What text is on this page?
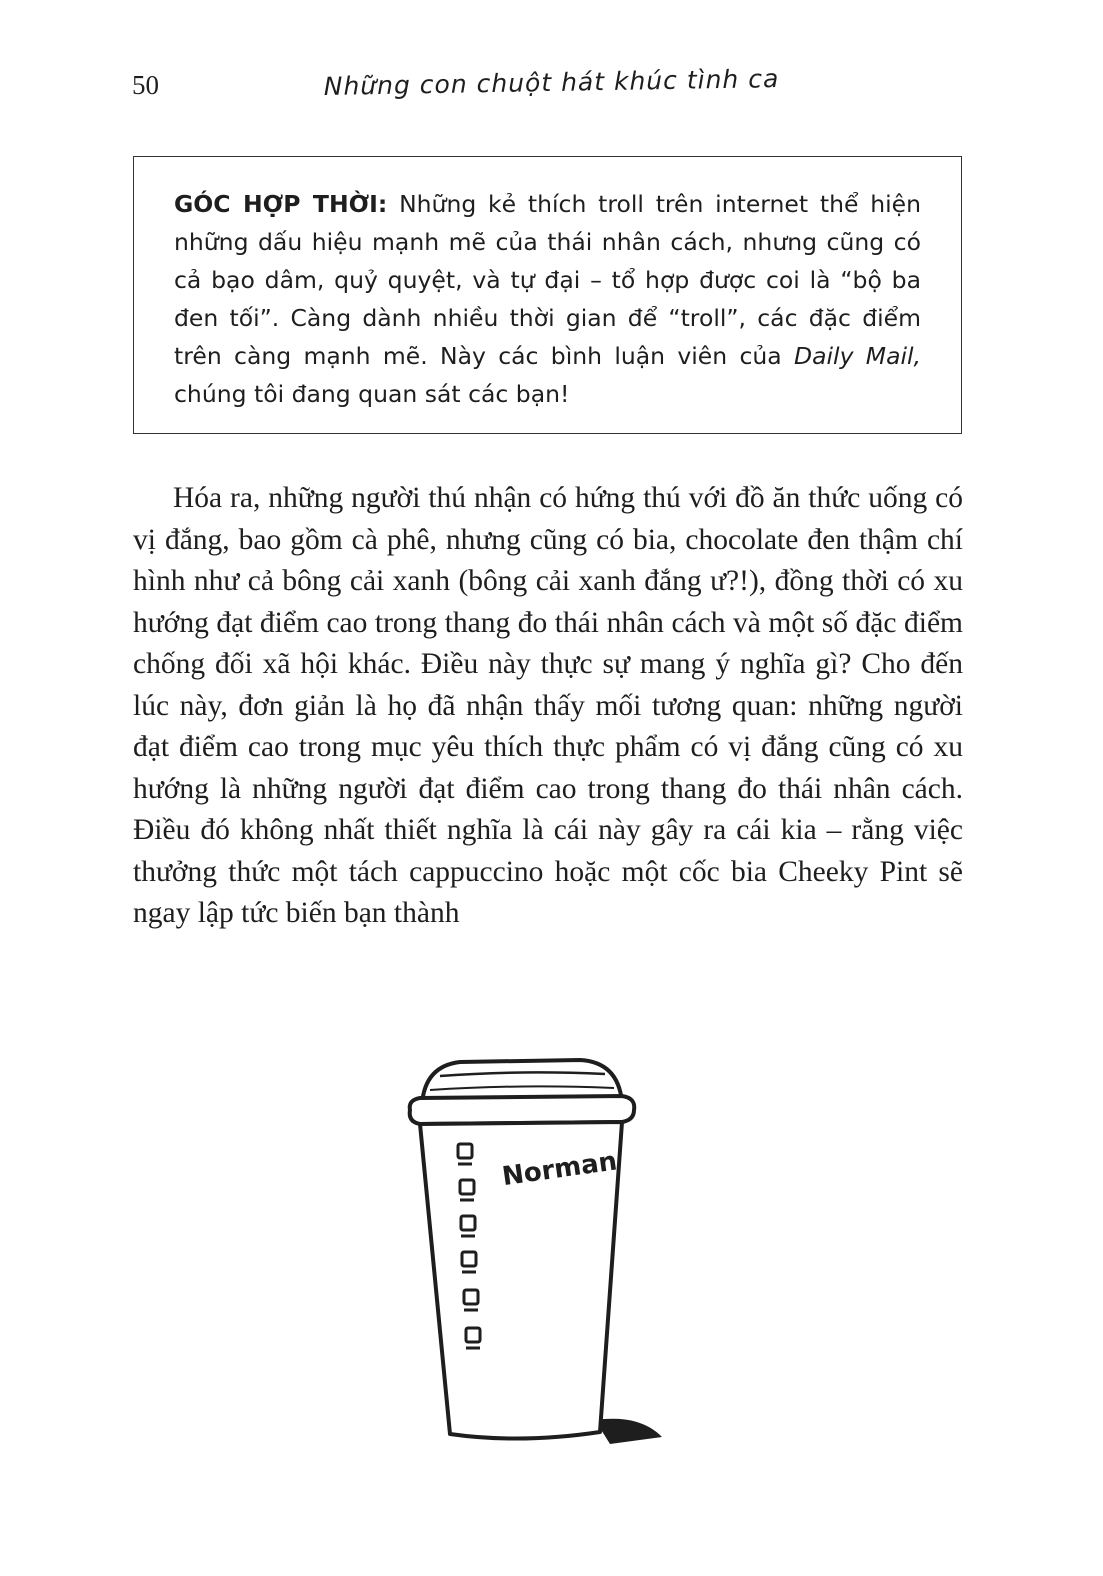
50	Những con chuột hát khúc tình ca
GÓC HỢP THỜI: Những kẻ thích troll trên internet thể hiện những dấu hiệu mạnh mẽ của thái nhân cách, nhưng cũng có cả bạo dâm, quỷ quyệt, và tự đại – tổ hợp được coi là “bộ ba đen tối”. Càng dành nhiều thời gian để “troll”, các đặc điểm trên càng mạnh mẽ. Này các bình luận viên của Daily Mail, chúng tôi đang quan sát các bạn!

Hóa ra, những người thú nhận có hứng thú với đồ ăn thức uống có vị đắng, bao gồm cà phê, nhưng cũng có bia, chocolate đen thậm chí hình như cả bông cải xanh (bông cải xanh đắng ư?!), đồng thời có xu hướng đạt điểm cao trong thang đo thái nhân cách và một số đặc điểm chống đối xã hội khác. Điều này thực sự mang ý nghĩa gì? Cho đến lúc này, đơn giản là họ đã nhận thấy mối tương quan: những người đạt điểm cao trong mục yêu thích thực phẩm có vị đắng cũng có xu hướng là những người đạt điểm cao trong thang đo thái nhân cách. Điều đó không nhất thiết nghĩa là cái này gây ra cái kia – rằng việc thưởng thức một tách cappuccino hoặc một cốc bia Cheeky Pint sẽ ngay lập tức biến bạn thành

Norman
